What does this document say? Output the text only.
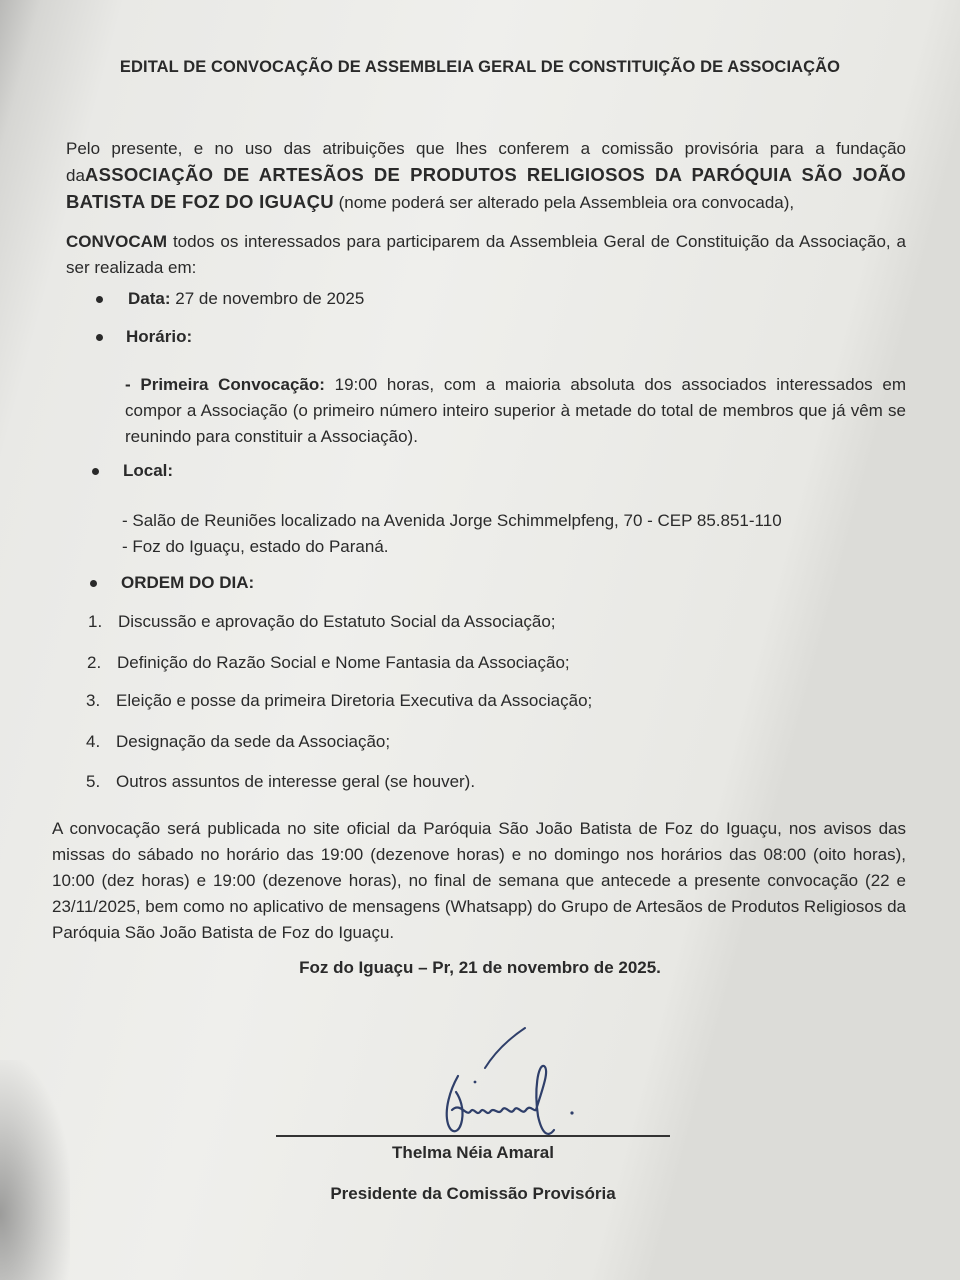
EDITAL DE CONVOCAÇÃO DE ASSEMBLEIA GERAL DE CONSTITUIÇÃO DE ASSOCIAÇÃO
Pelo presente, e no uso das atribuições que lhes conferem a comissão provisória para a fundação
daASSOCIAÇÃO DE ARTESÃOS DE PRODUTOS RELIGIOSOS DA PARÓQUIA SÃO JOÃO
BATISTA DE FOZ DO IGUAÇU (nome poderá ser alterado pela Assembleia ora convocada),
CONVOCAM todos os interessados para participarem da Assembleia Geral de Constituição da Associação, a ser realizada em:
Data: 27 de novembro de 2025
Horário:
- Primeira Convocação: 19:00 horas, com a maioria absoluta dos associados interessados em compor a Associação (o primeiro número inteiro superior à metade do total de membros que já vêm se reunindo para constituir a Associação).
Local:
- Salão de Reuniões localizado na Avenida Jorge Schimmelpfeng, 70 - CEP 85.851-110
- Foz do Iguaçu, estado do Paraná.
ORDEM DO DIA:
1. Discussão e aprovação do Estatuto Social da Associação;
2. Definição do Razão Social e Nome Fantasia da Associação;
3. Eleição e posse da primeira Diretoria Executiva da Associação;
4. Designação da sede da Associação;
5. Outros assuntos de interesse geral (se houver).
A convocação será publicada no site oficial da Paróquia São João Batista de Foz do Iguaçu, nos avisos das missas do sábado no horário das 19:00 (dezenove horas) e no domingo nos horários das 08:00 (oito horas), 10:00 (dez horas) e 19:00 (dezenove horas), no final de semana que antecede a presente convocação (22 e 23/11/2025, bem como no aplicativo de mensagens (Whatsapp) do Grupo de Artesãos de Produtos Religiosos da Paróquia São João Batista de Foz do Iguaçu.
Foz do Iguaçu – Pr, 21 de novembro de 2025.
Thelma Néia Amaral
Presidente da Comissão Provisória
